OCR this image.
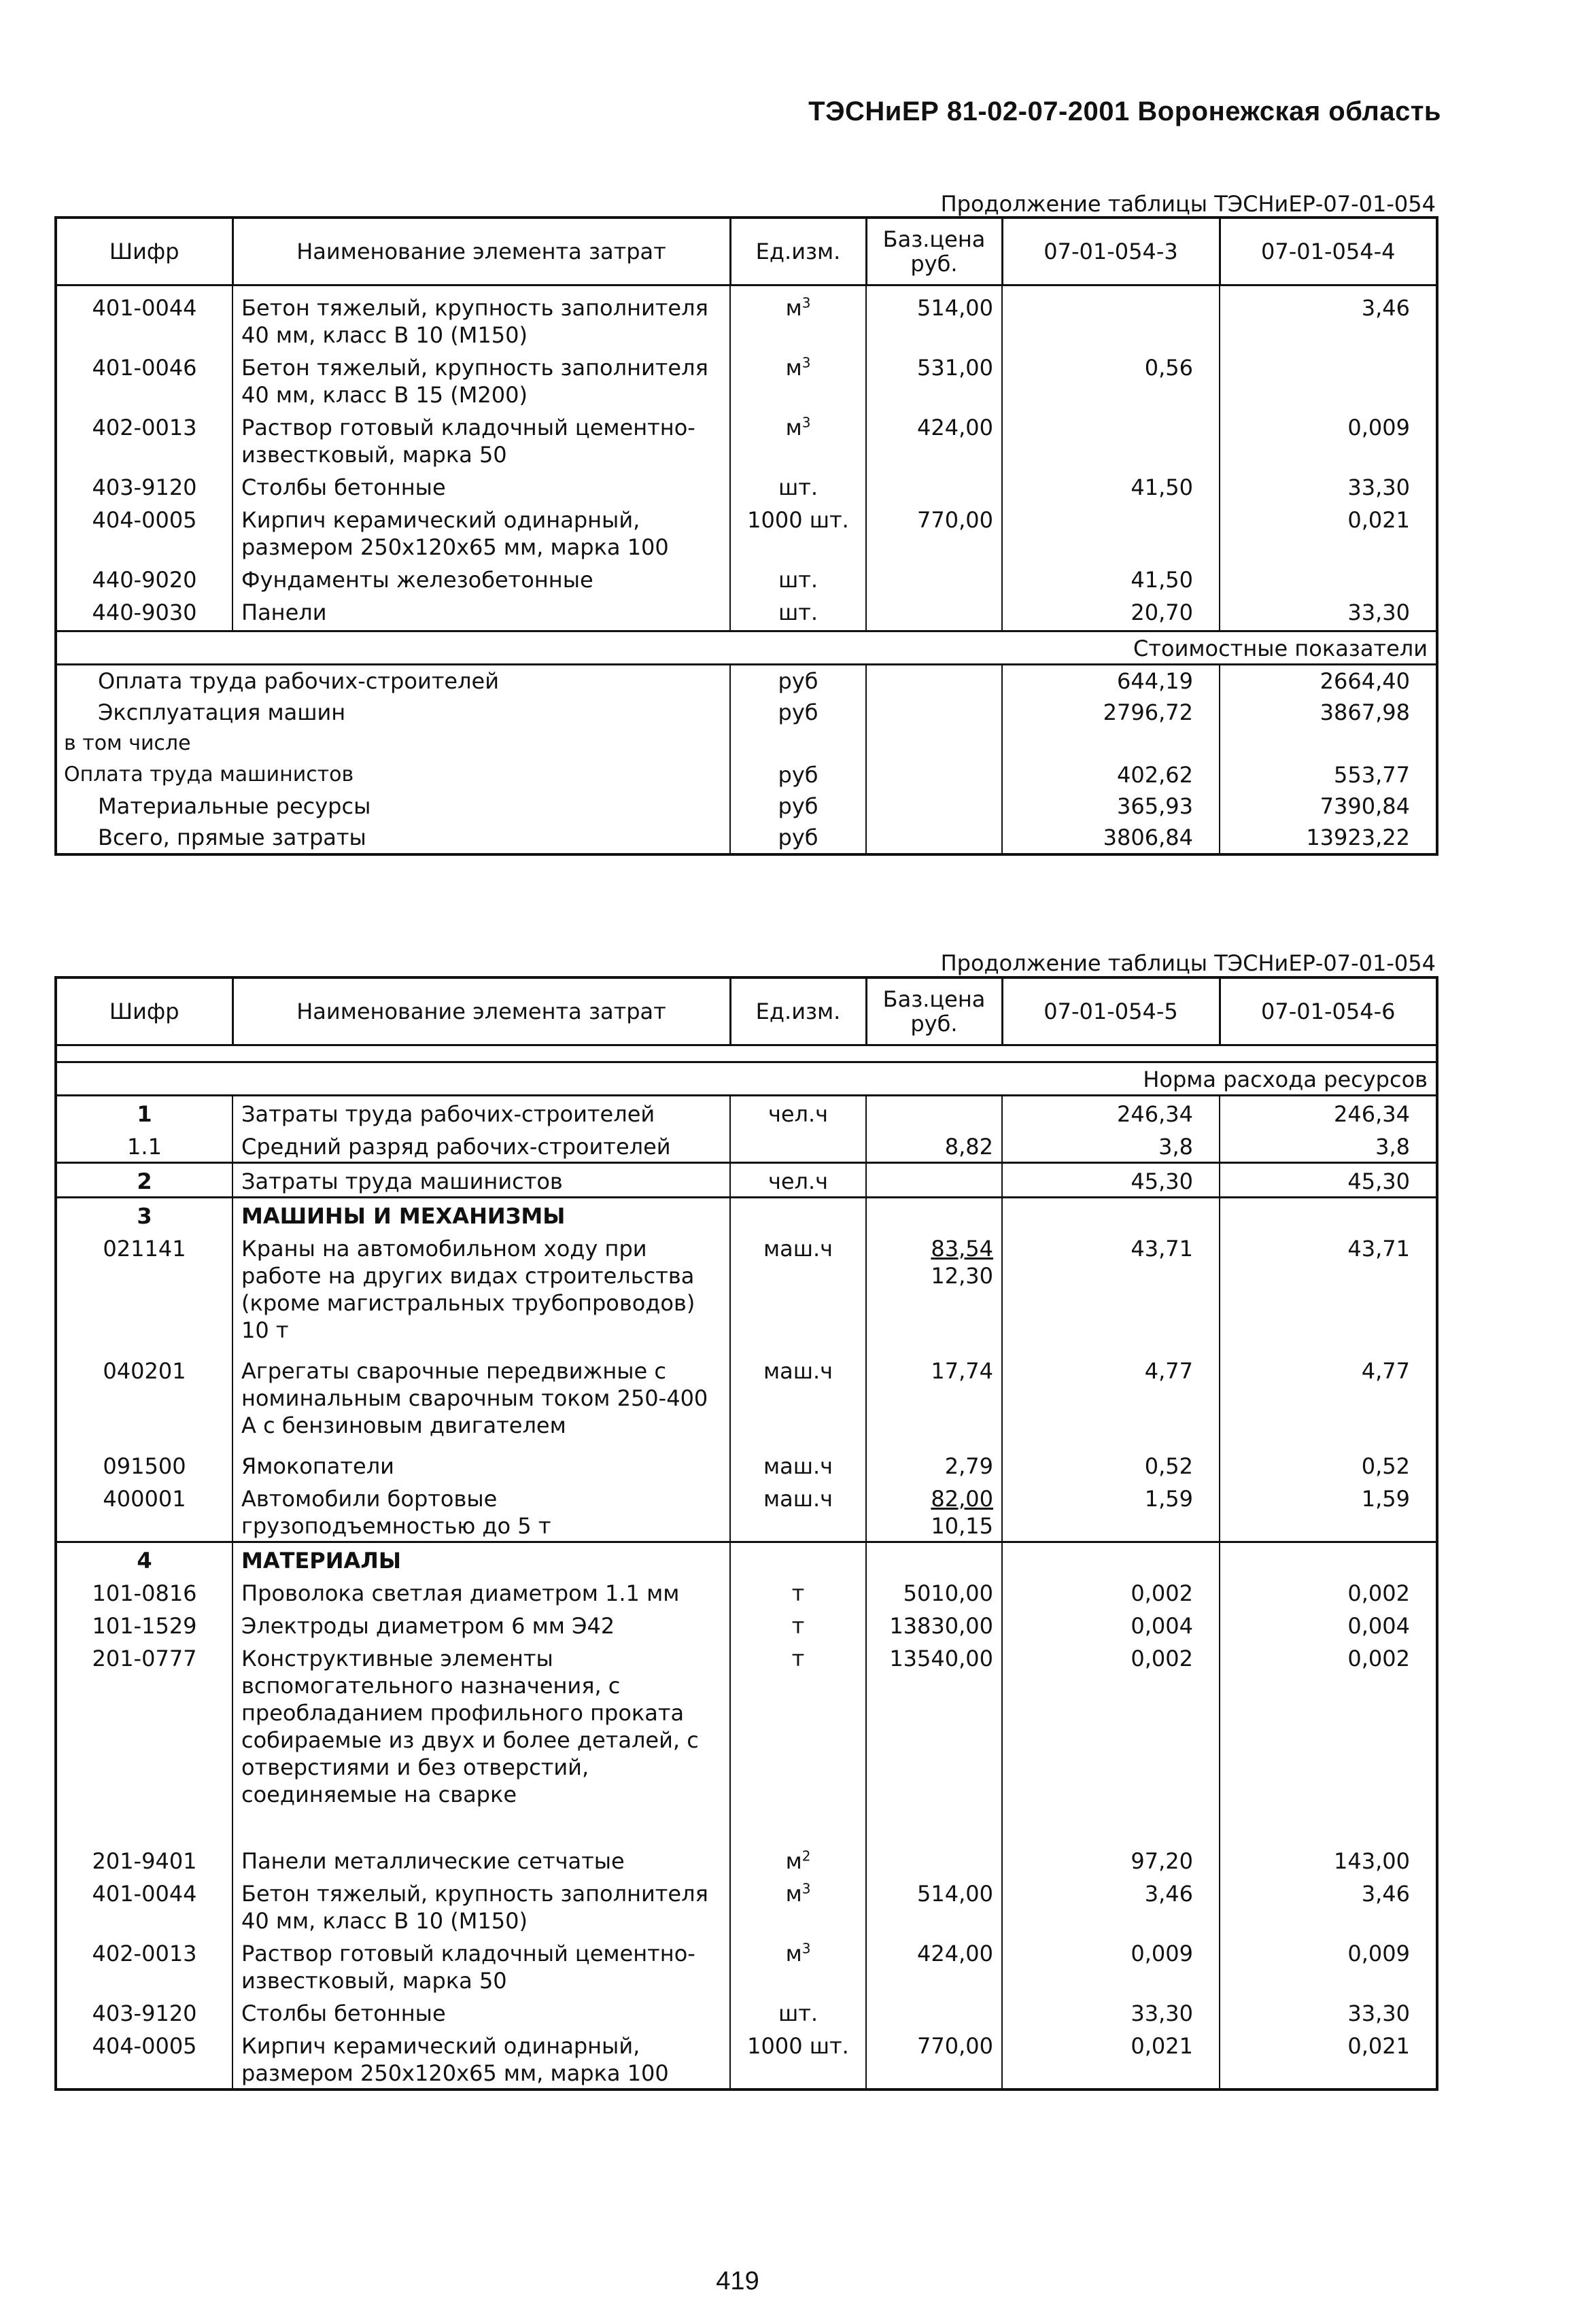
ТЭСНиЕР 81-02-07-2001 Воронежская область
Продолжение таблицы ТЭСНиЕР-07-01-054
Шифр	Наименование элемента затрат	Ед.изм.	Баз.цена руб.	07-01-054-3	07-01-054-4
401-0044	Бетон тяжелый, крупность заполнителя 40 мм, класс В 10 (М150)	$м^3$	514,00		3,46
401-0046	Бетон тяжелый, крупность заполнителя 40 мм, класс В 15 (М200)	$м^3$	531,00	0,56	
402-0013	Раствор готовый кладочный цементно-известковый, марка 50	$м^3$	424,00		0,009
403-9120	Столбы бетонные	шт.		41,50	33,30
404-0005	Кирпич керамический одинарный, размером 250х120х65 мм, марка 100	1000 шт.	770,00		0,021
440-9020	Фундаменты железобетонные	шт.		41,50	
440-9030	Панели	шт.		20,70	33,30

Стоимостные показатели					
Оплата труда рабочих-строителей		руб		644,19	2664,40
Эксплуатация машин		руб		2796,72	3867,98
в том числе					
Оплата труда машинистов		руб		402,62	553,77
Материальные ресурсы		руб		365,93	7390,84
Всего, прямые затраты		руб		3806,84	13923,22
Продолжение таблицы ТЭСНиЕР-07-01-054
Шифр	Наименование элемента затрат	Ед.изм.	Баз.цена руб.	07-01-054-5	07-01-054-6

Норма расхода ресурсов					
1	Затраты труда рабочих-строителей	чел.ч		246,34	246,34
1.1	Средний разряд рабочих-строителей		8,82	3,8	3,8
2	Затраты труда машинистов	чел.ч		45,30	45,30
3	МАШИНЫ И МЕХАНИЗМЫ				
021141	Краны на автомобильном ходу при работе на других видах строительства (кроме магистральных трубопроводов) 10 т	маш.ч	$\frac{83,54}{12,30}$	43,71	43,71
040201	Агрегаты сварочные передвижные с номинальным сварочным током 250-400 А с бензиновым двигателем	маш.ч	17,74	4,77	4,77
091500	Ямокопатели	маш.ч	2,79	0,52	0,52
400001	Автомобили бортовые грузоподъемностью до 5 т	маш.ч	$\frac{82,00}{10,15}$	1,59	1,59
4	МАТЕРИАЛЫ				
101-0816	Проволока светлая диаметром 1.1 мм	т	5010,00	0,002	0,002
101-1529	Электроды диаметром 6 мм Э42	т	13830,00	0,004	0,004
201-0777	Конструктивные элементы вспомогательного назначения, с преобладанием профильного проката собираемые из двух и более деталей, с отверстиями и без отверстий, соединяемые на сварке	т	13540,00	0,002	0,002
201-9401	Панели металлические сетчатые	$м^2$		97,20	143,00
401-0044	Бетон тяжелый, крупность заполнителя 40 мм, класс В 10 (М150)	$м^3$	514,00	3,46	3,46
402-0013	Раствор готовый кладочный цементно-известковый, марка 50	$м^3$	424,00	0,009	0,009
403-9120	Столбы бетонные	шт.		33,30	33,30
404-0005	Кирпич керамический одинарный, размером 250х120х65 мм, марка 100	1000 шт.	770,00	0,021	0,021
419
